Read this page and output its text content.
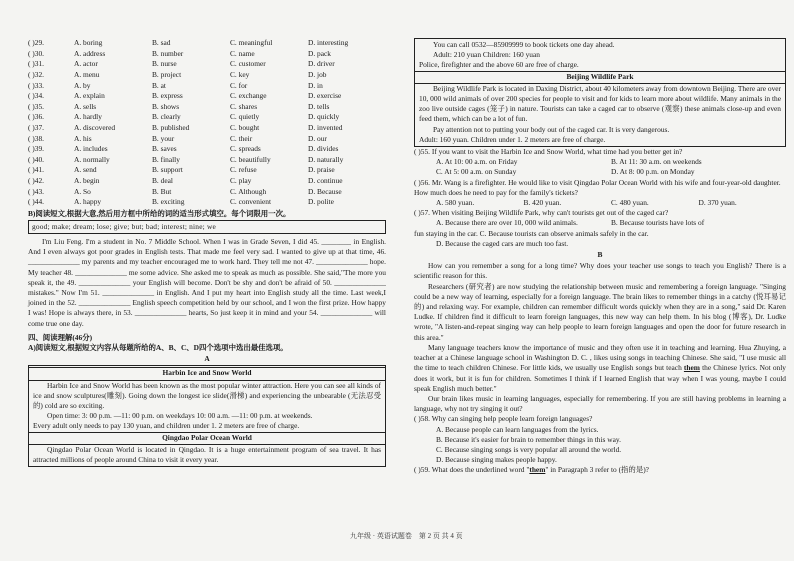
( )29.	A. boring	B. sad	C. meaningful	D. interesting
( )30.	A. address	B. number	C. name	D. pack
( )31.	A. actor	B. nurse	C. customer	D. driver
( )32.	A. menu	B. project	C. key	D. job
( )33.	A. by	B. at	C. for	D. in
( )34.	A. explain	B. express	C. exchange	D. exercise
( )35.	A. sells	B. shows	C. shares	D. tells
( )36.	A. hardly	B. clearly	C. quietly	D. quickly
( )37.	A. discovered	B. published	C. bought	D. invented
( )38.	A. his	B. your	C. their	D. our
( )39.	A. includes	B. saves	C. spreads	D. divides
( )40.	A. normally	B. finally	C. beautifully	D. naturally
( )41.	A. send	B. support	C. refuse	D. praise
( )42.	A. begin	B. deal	C. play	D. continue
( )43.	A. So	B. But	C. Although	D. Because
( )44.	A. happy	B. exciting	C. convenient	D. polite
B)阅读短文,根据大意,然后用方框中所给的词的适当形式填空。每个词限用一次。
good; make; dream; lose; give; but; bad; interest; nine; we

I'm Liu Feng. I'm a student in No. 7 Middle School. When I was in Grade Seven, I did 45. ________ in English. And I even always got poor grades in English tests. That made me feel very sad. I wanted to give up at that time, 46. ______________ my parents and my teacher encouraged me to work hard. They tell me not 47. ______________ hope. My teacher 48. ______________ me some advice. She asked me to speak as much as possible. She said,"The more you speak it, the 49. ______________ your English will become. Don't be shy and don't be afraid of 50. ______________ mistakes." Now I'm 51. ______________ in English. And I put my heart into English study all the time. Last week,I joined in the 52. ______________ English speech competition held by our school, and I won the first prize. How happy I was! Hope is always there, in 53. ______________ hearts, So just keep it in mind and your 54. ______________ will come true one day.

四、阅读理解(46分)
A)阅读短文,根据短文内容从每题所给的A、B、C、D四个选项中选出最佳选项。
A
Harbin Ice and Snow World

Harbin Ice and Snow World has been known as the most popular winter attraction. Here you can see all kinds of ice and snow sculptures(雕刻). Going down the longest ice slide(滑梯) and experiencing the unbearable (无法忍受的) cold are so exciting.

Open time: 3: 00 p.m. —11: 00 p.m. on weekdays 10: 00 a.m. —11: 00 p.m. at weekends.

Every adult only needs to pay 130 yuan, and children under 1. 2 meters are free of charge.

Qingdao Polar Ocean World

Qingdao Polar Ocean World is located in Qingdao. It is a huge entertainment program of sea travel. It has attracted millions of people around China to visit it every year.

You can call 0532—85909999 to book tickets one day ahead.

Adult: 210 yuan Children: 160 yuan

Police, firefighter and the above 60 are free of charge.

Beijing Wildlife Park

Beijing Wildlife Park is located in Daxing District, about 40 kilometers away from downtown Beijing. There are over 10, 000 wild animals of over 200 species for people to visit and for kids to learn more about wildlife. Many animals in the zoo live outside cages (笼子) in nature. Tourists can take a caged car to observe (观察) these animals close-up and even feed them, which can be a lot of fun.

Pay attention not to putting your body out of the caged car. It is very dangerous.

Adult: 160 yuan. Children under 1. 2 meters are free of charge.

( )55. If you want to visit the Harbin Ice and Snow World, what time had you better get in?

A. At 10: 00 a.m. on Friday	B. At 11: 30 a.m. on weekends
C. At 5: 00 a.m. on Sunday	D. At 8: 00 p.m. on Monday

( )56. Mr. Wang is a firefighter. He would like to visit Qingdao Polar Ocean World with his wife and four-year-old daughter. How much does he need to pay for the family's tickets?

A. 580 yuan.	B. 420 yuan.	C. 480 yuan.	D. 370 yuan.

( )57. When visiting Beijing Wildlife Park, why can't tourists get out of the caged car?

A. Because there are over 10, 000 wild animals.	B. Because tourists have lots of

fun staying in the car. C. Because tourists can observe animals safely in the car.

D. Because the caged cars are much too fast.

B

How can you remember a song for a long time? Why does your teacher use songs to teach you English? There is a scientific reason for this.

Researchers (研究者) are now studying the relationship between music and remembering a foreign language. "Singing could be a new way of learning, especially for a foreign language. The brain likes to remember things in a catchy (悦耳易记的) and relaxing way. For example, children can remember difficult words quickly when they are in a song," said Dr. Karen Ludke. If children find it difficult to learn foreign languages, this new way can help them. In his blog (博客), Dr. Ludke wrote, "A listen-and-repeat singing way can help people to learn foreign languages and open the door for future research in this area."

Many language teachers know the importance of music and they often use it in teaching and learning. Hua Zhuying, a teacher at a Chinese language school in Washington D. C. , likes using songs in teaching Chinese. She said, "I use music all the time to teach children Chinese. For little kids, we usually use English songs but teach them the Chinese lyrics. Not only does it work, but it is fun for children. Sometimes I think if I learned English that way when I was young, maybe I could speak English much better."

Our brain likes music in learning languages, especially for remembering. If you are still having problems in learning a language, why not try singing it out?

( )58. Why can singing help people learn foreign languages?

A. Because people can learn languages from the lyrics.
B. Because it's easier for brain to remember things in this way.
C. Because singing songs is very popular all around the world.
D. Because singing makes people happy.

( )59. What does the underlined word "them" in Paragraph 3 refer to (指的是)?

九年级 · 英语试题卷　第 2 页 共 4 页
